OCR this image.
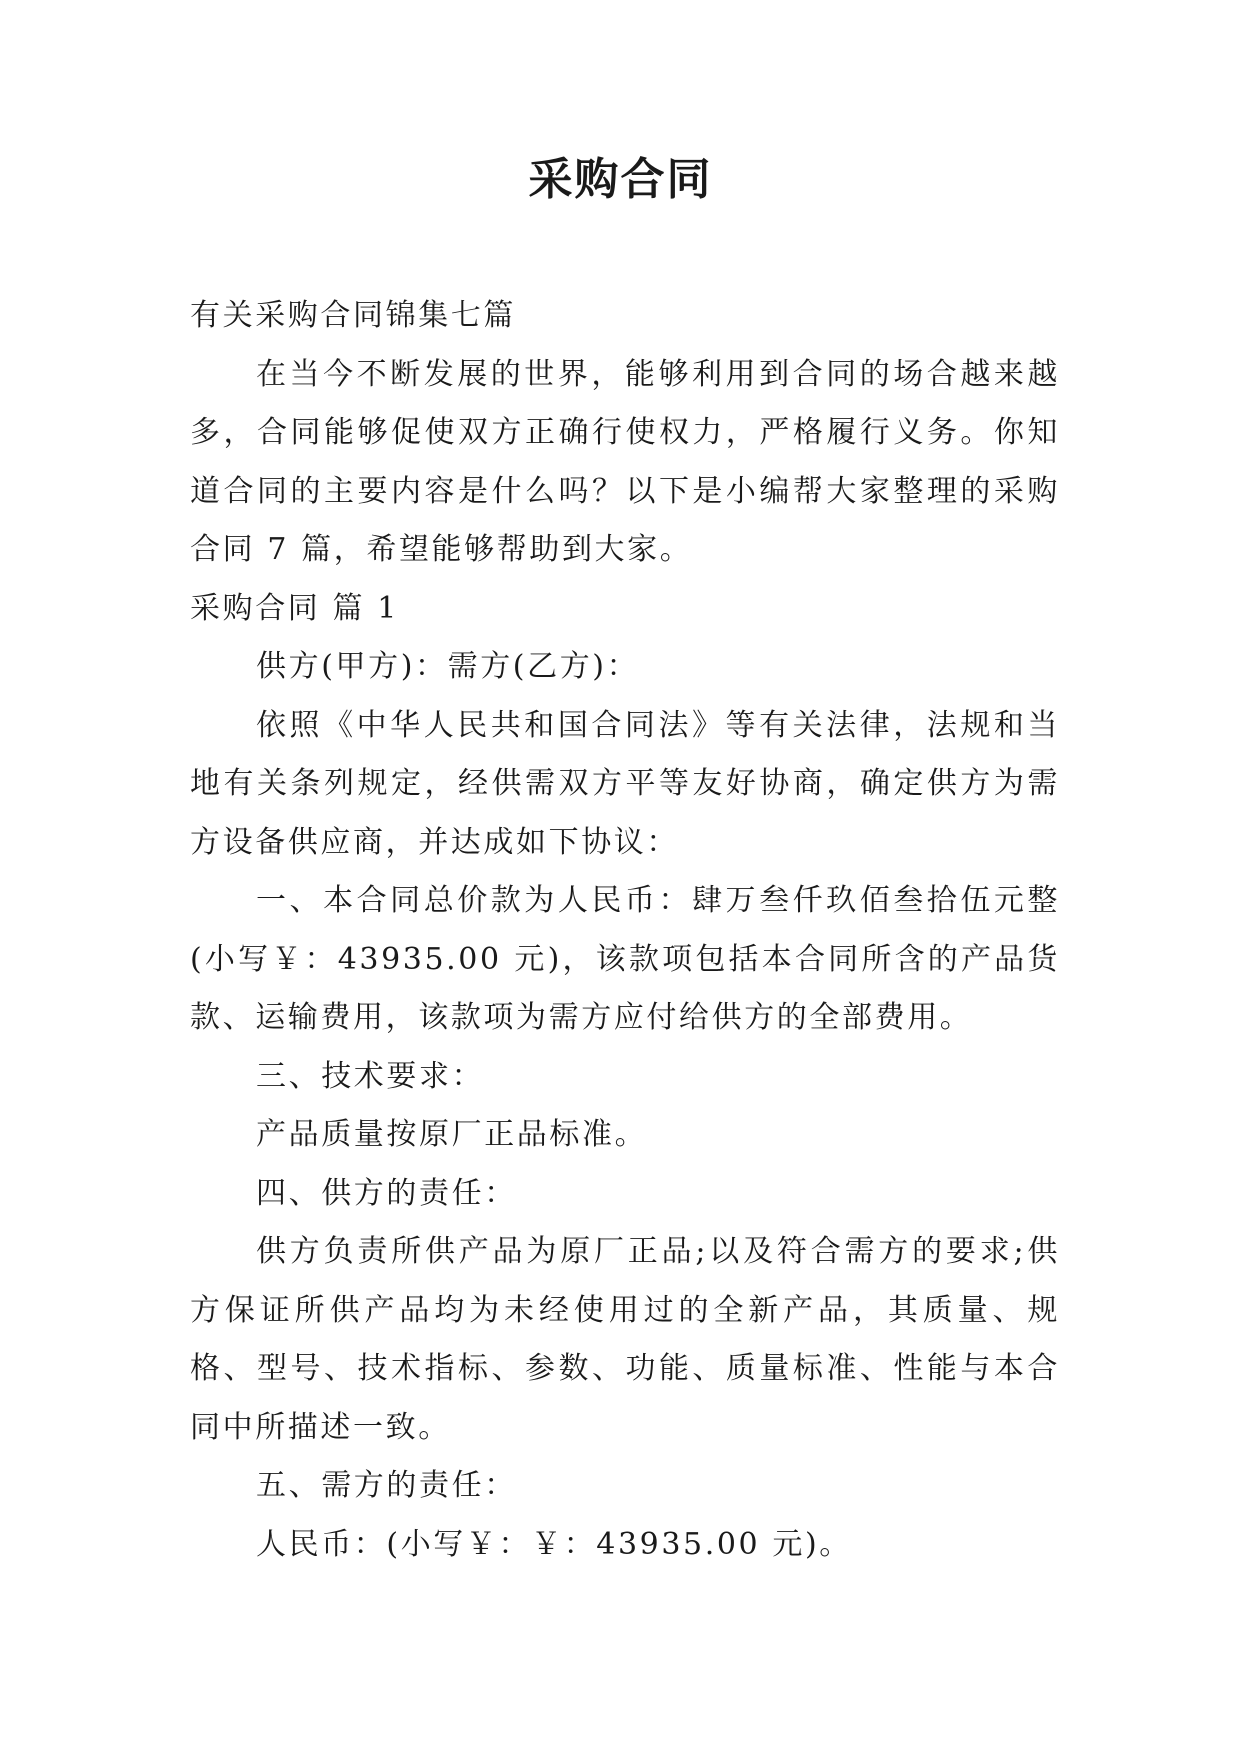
采购合同

有关采购合同锦集七篇

在当今不断发展的世界，能够利用到合同的场合越来越多，合同能够促使双方正确行使权力，严格履行义务。你知道合同的主要内容是什么吗？以下是小编帮大家整理的采购合同 7 篇，希望能够帮助到大家。

采购合同 篇 1

供方(甲方)：需方(乙方)：

依照《中华人民共和国合同法》等有关法律，法规和当地有关条列规定，经供需双方平等友好协商，确定供方为需方设备供应商，并达成如下协议：

一、本合同总价款为人民币：肆万叁仟玖佰叁拾伍元整(小写￥：43935.00 元)，该款项包括本合同所含的产品货款、运输费用，该款项为需方应付给供方的全部费用。

三、技术要求：

产品质量按原厂正品标准。

四、供方的责任：

供方负责所供产品为原厂正品;以及符合需方的要求;供方保证所供产品均为未经使用过的全新产品，其质量、规格、型号、技术指标、参数、功能、质量标准、性能与本合同中所描述一致。

五、需方的责任：

人民币：(小写￥：￥：43935.00 元)。
